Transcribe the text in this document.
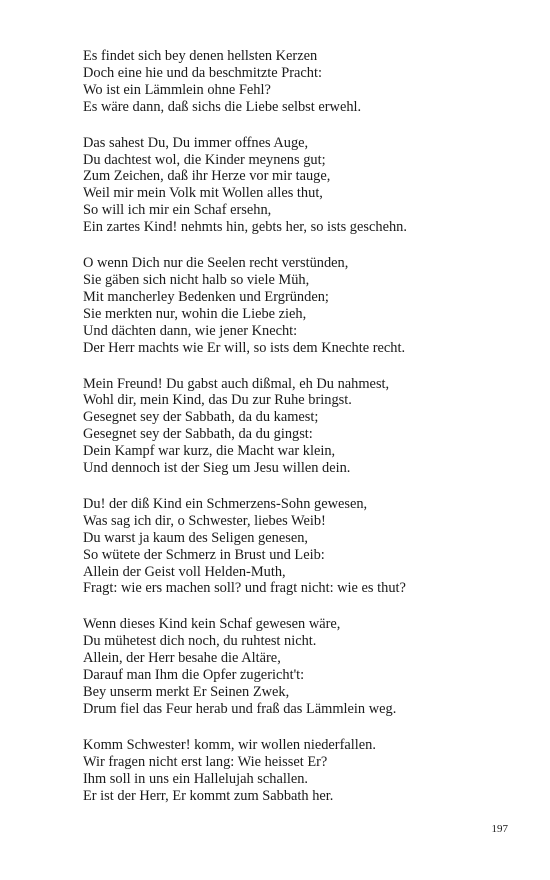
Es findet sich bey denen hellsten Kerzen
Doch eine hie und da beschmitzte Pracht:
Wo ist ein Lämmlein ohne Fehl?
Es wäre dann, daß sichs die Liebe selbst erwehl.
Das sahest Du, Du immer offnes Auge,
Du dachtest wol, die Kinder meynens gut;
Zum Zeichen, daß ihr Herze vor mir tauge,
Weil mir mein Volk mit Wollen alles thut,
So will ich mir ein Schaf ersehn,
Ein zartes Kind! nehmts hin, gebts her, so ists geschehn.
O wenn Dich nur die Seelen recht verstünden,
Sie gäben sich nicht halb so viele Müh,
Mit mancherley Bedenken und Ergründen;
Sie merkten nur, wohin die Liebe zieh,
Und dächten dann, wie jener Knecht:
Der Herr machts wie Er will, so ists dem Knechte recht.
Mein Freund! Du gabst auch dißmal, eh Du nahmest,
Wohl dir, mein Kind, das Du zur Ruhe bringst.
Gesegnet sey der Sabbath, da du kamest;
Gesegnet sey der Sabbath, da du gingst:
Dein Kampf war kurz, die Macht war klein,
Und dennoch ist der Sieg um Jesu willen dein.
Du! der diß Kind ein Schmerzens-Sohn gewesen,
Was sag ich dir, o Schwester, liebes Weib!
Du warst ja kaum des Seligen genesen,
So wütete der Schmerz in Brust und Leib:
Allein der Geist voll Helden-Muth,
Fragt: wie ers machen soll? und fragt nicht: wie es thut?
Wenn dieses Kind kein Schaf gewesen wäre,
Du mühetest dich noch, du ruhtest nicht.
Allein, der Herr besahe die Altäre,
Darauf man Ihm die Opfer zugericht't:
Bey unserm merkt Er Seinen Zwek,
Drum fiel das Feur herab und fraß das Lämmlein weg.
Komm Schwester! komm, wir wollen niederfallen.
Wir fragen nicht erst lang: Wie heisset Er?
Ihm soll in uns ein Hallelujah schallen.
Er ist der Herr, Er kommt zum Sabbath her.
197
